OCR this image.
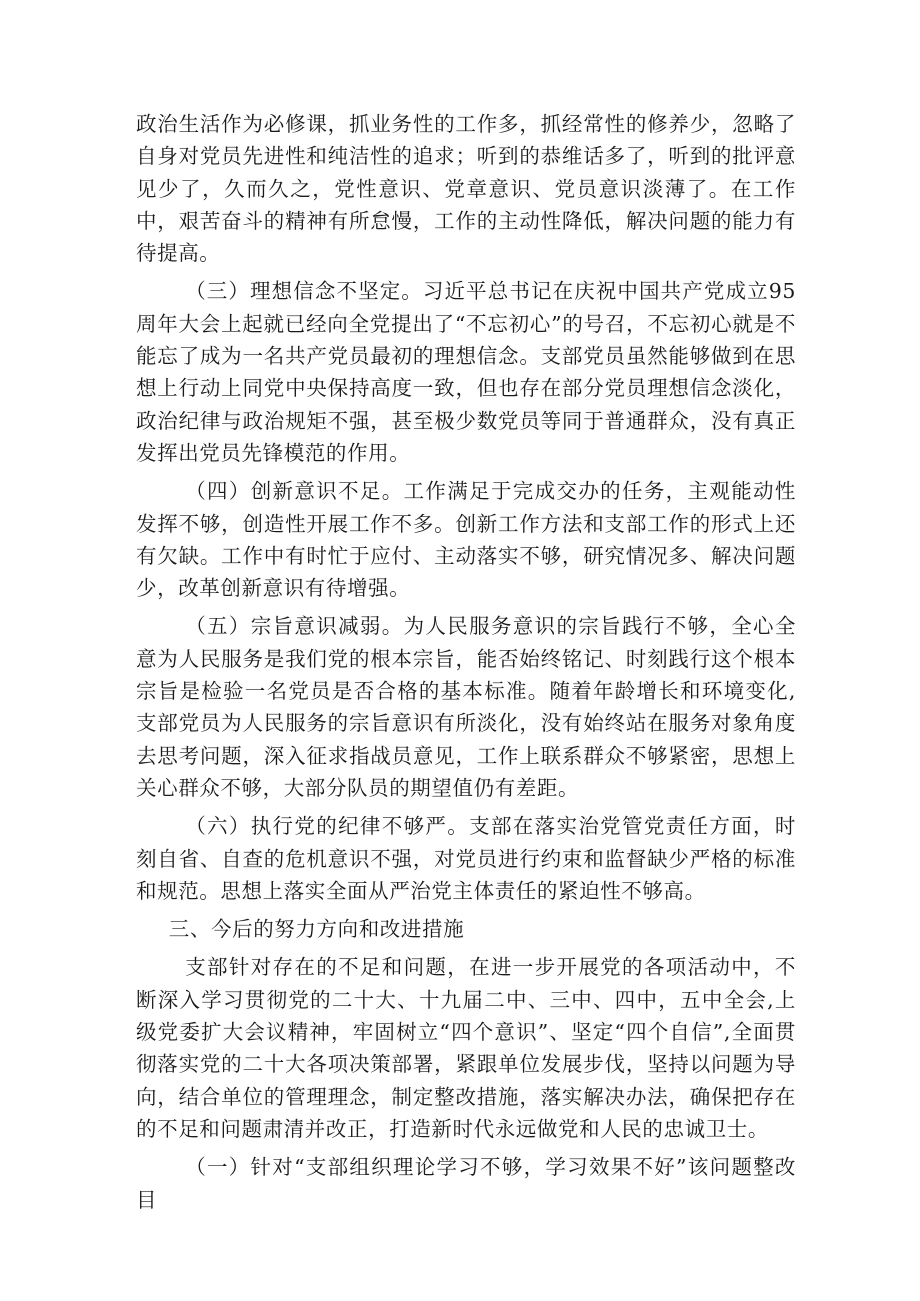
政治生活作为必修课，抓业务性的工作多，抓经常性的修养少，忽略了自身对党员先进性和纯洁性的追求；听到的恭维话多了，听到的批评意见少了，久而久之，党性意识、党章意识、党员意识淡薄了。在工作中，艰苦奋斗的精神有所怠慢，工作的主动性降低，解决问题的能力有待提高。

（三）理想信念不坚定。习近平总书记在庆祝中国共产党成立95周年大会上起就已经向全党提出了“不忘初心”的号召，不忘初心就是不能忘了成为一名共产党员最初的理想信念。支部党员虽然能够做到在思想上行动上同党中央保持高度一致，但也存在部分党员理想信念淡化，政治纪律与政治规矩不强，甚至极少数党员等同于普通群众，没有真正发挥出党员先锋模范的作用。

（四）创新意识不足。工作满足于完成交办的任务，主观能动性发挥不够，创造性开展工作不多。创新工作方法和支部工作的形式上还有欠缺。工作中有时忙于应付、主动落实不够，研究情况多、解决问题少，改革创新意识有待增强。

（五）宗旨意识减弱。为人民服务意识的宗旨践行不够，全心全意为人民服务是我们党的根本宗旨，能否始终铭记、时刻践行这个根本宗旨是检验一名党员是否合格的基本标准。随着年龄增长和环境变化,支部党员为人民服务的宗旨意识有所淡化，没有始终站在服务对象角度去思考问题，深入征求指战员意见，工作上联系群众不够紧密，思想上关心群众不够，大部分队员的期望值仍有差距。

（六）执行党的纪律不够严。支部在落实治党管党责任方面，时刻自省、自查的危机意识不强，对党员进行约束和监督缺少严格的标准和规范。思想上落实全面从严治党主体责任的紧迫性不够高。

三、今后的努力方向和改进措施

支部针对存在的不足和问题，在进一步开展党的各项活动中，不断深入学习贯彻党的二十大、十九届二中、三中、四中，五中全会,上级党委扩大会议精神，牢固树立“四个意识”、坚定“四个自信”,全面贯彻落实党的二十大各项决策部署，紧跟单位发展步伐，坚持以问题为导向，结合单位的管理理念，制定整改措施，落实解决办法，确保把存在的不足和问题肃清并改正，打造新时代永远做党和人民的忠诚卫士。

（一）针对“支部组织理论学习不够，学习效果不好”该问题整改目
